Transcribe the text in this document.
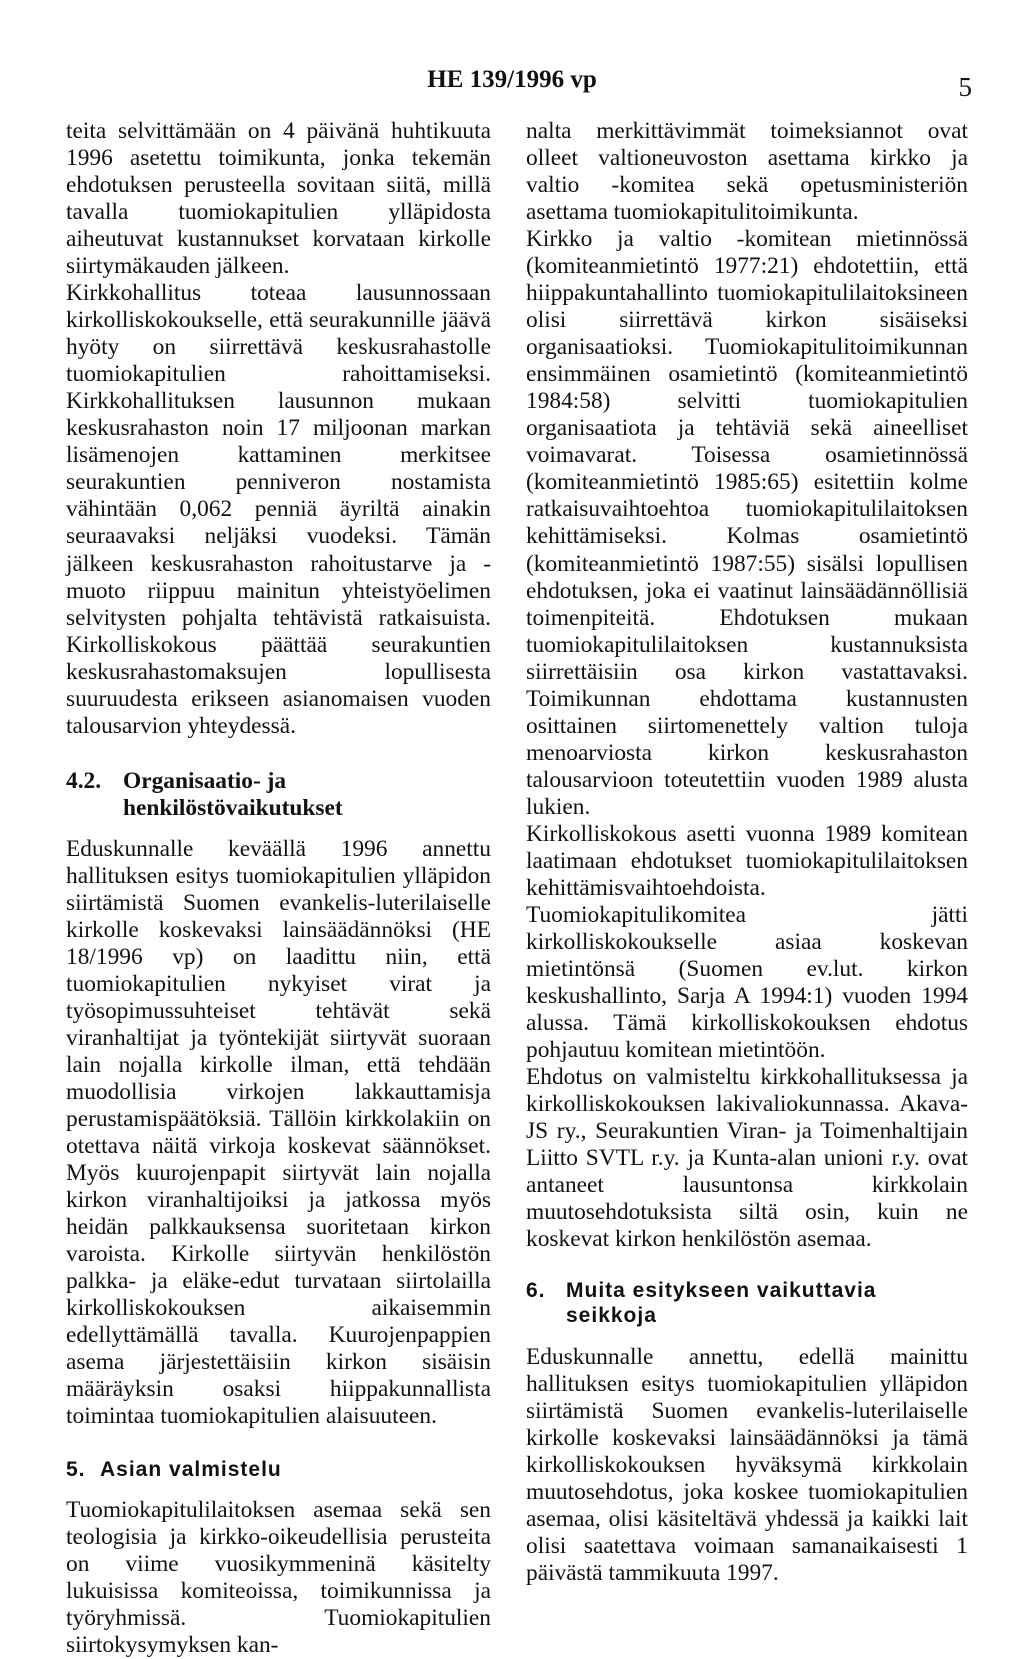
HE 139/1996 vp	5

teita selvittämään on 4 päivänä huhtikuuta 1996 asetettu toimikunta, jonka tekemän ehdotuksen perusteella sovitaan siitä, millä tavalla tuomiokapitulien ylläpidosta aiheutuvat kustannukset korvataan kirkolle siirtymäkauden jälkeen.

Kirkkohallitus toteaa lausunnossaan kirkolliskokoukselle, että seurakunnille jäävä hyöty on siirrettävä keskusrahastolle tuomiokapitulien rahoittamiseksi. Kirkkohallituksen lausunnon mukaan keskusrahaston noin 17 miljoonan markan lisämenojen kattaminen merkitsee seurakuntien penniveron nostamista vähintään 0,062 penniä äyriltä ainakin seuraavaksi neljäksi vuodeksi. Tämän jälkeen keskusrahaston rahoitustarve ja -muoto riippuu mainitun yhteistyöelimen selvitysten pohjalta tehtävistä ratkaisuista. Kirkolliskokous päättää seurakuntien keskusrahastomaksujen lopullisesta suuruudesta erikseen asianomaisen vuoden talousarvion yhteydessä.

4.2. Organisaatio- ja henkilöstövaikutukset

Eduskunnalle keväällä 1996 annettu hallituksen esitys tuomiokapitulien ylläpidon siirtämistä Suomen evankelis-luterilaiselle kirkolle koskevaksi lainsäädännöksi (HE 18/1996 vp) on laadittu niin, että tuomiokapitulien nykyiset virat ja työsopimussuhteiset tehtävät sekä viranhaltijat ja työntekijät siirtyvät suoraan lain nojalla kirkolle ilman, että tehdään muodollisia virkojen lakkauttamisja perustamispäätöksiä. Tällöin kirkkolakiin on otettava näitä virkoja koskevat säännökset. Myös kuurojenpapit siirtyvät lain nojalla kirkon viranhaltijoiksi ja jatkossa myös heidän palkkauksensa suoritetaan kirkon varoista. Kirkolle siirtyvän henkilöstön palkka- ja eläke-edut turvataan siirtolailla kirkolliskokouksen aikaisemmin edellyttämällä tavalla. Kuurojenpappien asema järjestettäisiin kirkon sisäisin määräyksin osaksi hiippakunnallista toimintaa tuomiokapitulien alaisuuteen.

5. Asian valmistelu

Tuomiokapitulilaitoksen asemaa sekä sen teologisia ja kirkko-oikeudellisia perusteita on viime vuosikymmeninä käsitelty lukuisissa komiteoissa, toimikunnissa ja työryhmissä. Tuomiokapitulien siirtokysymyksen kan-

nalta merkittävimmät toimeksiannot ovat olleet valtioneuvoston asettama kirkko ja valtio -komitea sekä opetusministeriön asettama tuomiokapitulitoimikunta.

Kirkko ja valtio -komitean mietinnössä (komiteanmietintö 1977:21) ehdotettiin, että hiippakuntahallinto tuomiokapitulilaitoksineen olisi siirrettävä kirkon sisäiseksi organisaatioksi. Tuomiokapitulitoimikunnan ensimmäinen osamietintö (komiteanmietintö 1984:58) selvitti tuomiokapitulien organisaatiota ja tehtäviä sekä aineelliset voimavarat. Toisessa osamietinnössä (komiteanmietintö 1985:65) esitettiin kolme ratkaisuvaihtoehtoa tuomiokapitulilaitoksen kehittämiseksi. Kolmas osamietintö (komiteanmietintö 1987:55) sisälsi lopullisen ehdotuksen, joka ei vaatinut lainsäädännöllisiä toimenpiteitä. Ehdotuksen mukaan tuomiokapitulilaitoksen kustannuksista siirrettäisiin osa kirkon vastattavaksi. Toimikunnan ehdottama kustannusten osittainen siirtomenettely valtion tuloja menoarviosta kirkon keskusrahaston talousarvioon toteutettiin vuoden 1989 alusta lukien.

Kirkolliskokous asetti vuonna 1989 komitean laatimaan ehdotukset tuomiokapitulilaitoksen kehittämisvaihtoehdoista. Tuomiokapitulikomitea jätti kirkolliskokoukselle asiaa koskevan mietintönsä (Suomen ev.lut. kirkon keskushallinto, Sarja A 1994:1) vuoden 1994 alussa. Tämä kirkolliskokouksen ehdotus pohjautuu komitean mietintöön.

Ehdotus on valmisteltu kirkkohallituksessa ja kirkolliskokouksen lakivaliokunnassa. Akava-JS ry., Seurakuntien Viran- ja Toimenhaltijain Liitto SVTL r.y. ja Kunta-alan unioni r.y. ovat antaneet lausuntonsa kirkkolain muutosehdotuksista siltä osin, kuin ne koskevat kirkon henkilöstön asemaa.

6. Muita esitykseen vaikuttavia seikkoja

Eduskunnalle annettu, edellä mainittu hallituksen esitys tuomiokapitulien ylläpidon siirtämistä Suomen evankelis-luterilaiselle kirkolle koskevaksi lainsäädännöksi ja tämä kirkolliskokouksen hyväksymä kirkkolain muutosehdotus, joka koskee tuomiokapitulien asemaa, olisi käsiteltävä yhdessä ja kaikki lait olisi saatettava voimaan samanaikaisesti 1 päivästä tammikuuta 1997.
